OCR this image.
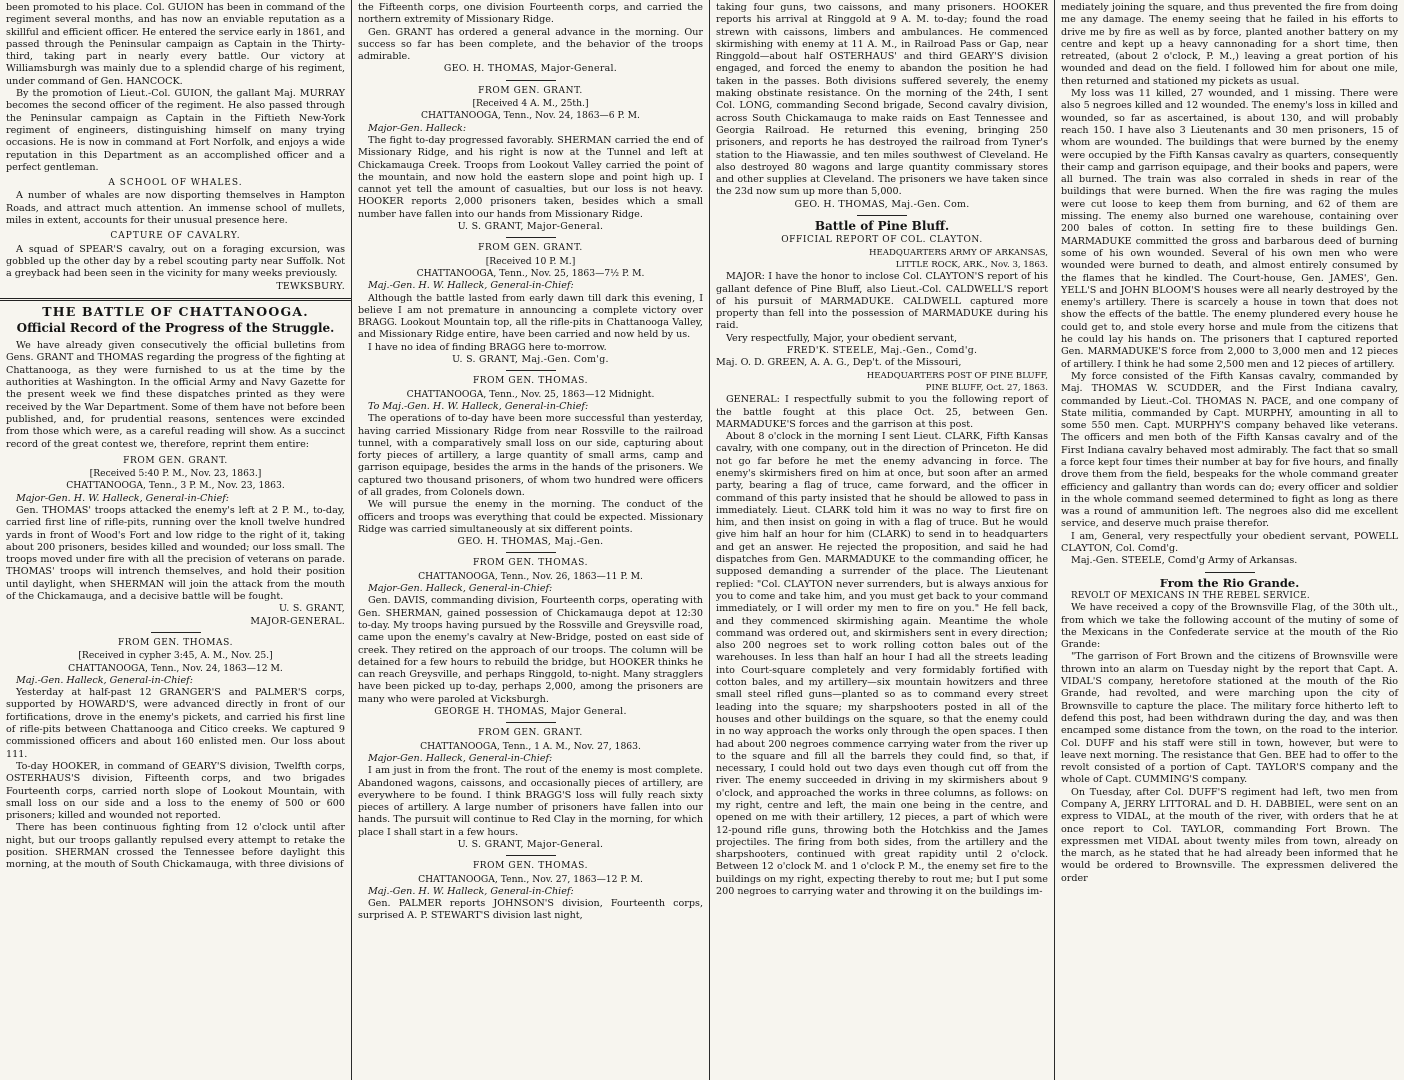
been promoted to his place. Col. GUION has been in command of the regiment several months, and has now an enviable reputation as a skillful and efficient officer. He entered the service early in 1861, and passed through the Peninsular campaign as Captain in the Thirty-third, taking part in nearly every battle. Our victory at Williamsburgh was mainly due to a splendid charge of his regiment, under command of Gen. HANCOCK.

By the promotion of Lieut.-Col. GUION, the gallant Maj. MURRAY becomes the second officer of the regiment. He also passed through the Peninsular campaign as Captain in the Fiftieth New-York regiment of engineers, distinguishing himself on many trying occasions. He is now in command at Fort Norfolk, and enjoys a wide reputation in this Department as an accomplished officer and a perfect gentleman.

A SCHOOL OF WHALES.

A number of whales are now disporting themselves in Hampton Roads, and attract much attention. An immense school of mullets, miles in extent, accounts for their unusual presence here.

CAPTURE OF CAVALRY.

A squad of SPEAR'S cavalry, out on a foraging excursion, was gobbled up the other day by a rebel scouting party near Suffolk. Not a greyback had been seen in the vicinity for many weeks previously.

TEWKSBURY.
THE BATTLE OF CHATTANOOGA.
Official Record of the Progress of the Struggle.

We have already given consecutively the official bulletins from Gens. GRANT and THOMAS regarding the progress of the fighting at Chattanooga, as they were furnished to us at the time by the authorities at Washington. In the official Army and Navy Gazette for the present week we find these dispatches printed as they were received by the War Department. Some of them have not before been published, and, for prudential reasons, sentences were excinded from those which were, as a careful reading will show. As a succinct record of the great contest we, therefore, reprint them entire:

FROM GEN. GRANT.
[Received 5:40 P. M., Nov. 23, 1863.]
CHATTANOOGA, Tenn., 3 P. M., Nov. 23, 1863.

Major-Gen. H. W. Halleck, General-in-Chief:

Gen. THOMAS' troops attacked the enemy's left at 2 P. M., to-day, carried first line of rifle-pits, running over the knoll twelve hundred yards in front of Wood's Fort and low ridge to the right of it, taking about 200 prisoners, besides killed and wounded; our loss small. The troops moved under fire with all the precision of veterans on parade. THOMAS' troops will intrench themselves, and hold their position until daylight, when SHERMAN will join the attack from the mouth of the Chickamauga, and a decisive battle will be fought.

U. S. GRANT,
MAJOR-GENERAL.
FROM GEN. THOMAS.
[Received in cypher 3:45, A. M., Nov. 25.]
CHATTANOOGA, Tenn., Nov. 24, 1863—12 M.

Maj.-Gen. Halleck, General-in-Chief:

Yesterday at half-past 12 GRANGER'S and PALMER'S corps, supported by HOWARD'S, were advanced directly in front of our fortifications, drove in the enemy's pickets, and carried his first line of rifle-pits between Chattanooga and Citico creeks. We captured 9 commissioned officers and about 160 enlisted men. Our loss about 111.

To-day HOOKER, in command of GEARY'S division, Twelfth corps, OSTERHAUS'S division, Fifteenth corps, and two brigades Fourteenth corps, carried north slope of Lookout Mountain, with small loss on our side and a loss to the enemy of 500 or 600 prisoners; killed and wounded not reported.

There has been continuous fighting from 12 o'clock until after night, but our troops gallantly repulsed every attempt to retake the position. SHERMAN crossed the Tennessee before daylight this morning, at the mouth of South Chickamauga, with three divisions of

the Fifteenth corps, one division Fourteenth corps, and carried the northern extremity of Missionary Ridge.

Gen. GRANT has ordered a general advance in the morning. Our success so far has been complete, and the behavior of the troops admirable.

GEO. H. THOMAS, Major-General.
FROM GEN. GRANT.
[Received 4 A. M., 25th.]
CHATTANOOGA, Tenn., Nov. 24, 1863—6 P. M.

Major-Gen. Halleck:

The fight to-day progressed favorably. SHERMAN carried the end of Missionary Ridge, and his right is now at the Tunnel and left at Chickamauga Creek. Troops from Lookout Valley carried the point of the mountain, and now hold the eastern slope and point high up. I cannot yet tell the amount of casualties, but our loss is not heavy. HOOKER reports 2,000 prisoners taken, besides which a small number have fallen into our hands from Missionary Ridge.

U. S. GRANT, Major-General.
FROM GEN. GRANT.
[Received 10 P. M.]
CHATTANOOGA, Tenn., Nov. 25, 1863—7½ P. M.

Maj.-Gen. H. W. Halleck, General-in-Chief:

Although the battle lasted from early dawn till dark this evening, I believe I am not premature in announcing a complete victory over BRAGG. Lookout Mountain top, all the rifle-pits in Chattanooga Valley, and Missionary Ridge entire, have been carried and now held by us.

I have no idea of finding BRAGG here to-morrow.

U. S. GRANT, Maj.-Gen. Com'g.
FROM GEN. THOMAS.
CHATTANOOGA, Tenn., Nov. 25, 1863—12 Midnight.

To Maj.-Gen. H. W. Halleck, General-in-Chief:

The operations of to-day have been more successful than yesterday, having carried Missionary Ridge from near Rossville to the railroad tunnel, with a comparatively small loss on our side, capturing about forty pieces of artillery, a large quantity of small arms, camp and garrison equipage, besides the arms in the hands of the prisoners. We captured two thousand prisoners, of whom two hundred were officers of all grades, from Colonels down.

We will pursue the enemy in the morning. The conduct of the officers and troops was everything that could be expected. Missionary Ridge was carried simultaneously at six different points.

GEO. H. THOMAS, Maj.-Gen.
FROM GEN. THOMAS.
CHATTANOOGA, Tenn., Nov. 26, 1863—11 P. M.

Major-Gen. Halleck, General-in-Chief:

Gen. DAVIS, commanding division, Fourteenth corps, operating with Gen. SHERMAN, gained possession of Chickamauga depot at 12:30 to-day. My troops having pursued by the Rossville and Greysville road, came upon the enemy's cavalry at New-Bridge, posted on east side of creek. They retired on the approach of our troops. The column will be detained for a few hours to rebuild the bridge, but HOOKER thinks he can reach Greysville, and perhaps Ringgold, to-night. Many stragglers have been picked up to-day, perhaps 2,000, among the prisoners are many who were paroled at Vicksburgh.

GEORGE H. THOMAS, Major General.
FROM GEN. GRANT.
CHATTANOOGA, Tenn., 1 A. M., Nov. 27, 1863.

Major-Gen. Halleck, General-in-Chief:

I am just in from the front. The rout of the enemy is most complete. Abandoned wagons, caissons, and occasionally pieces of artillery, are everywhere to be found. I think BRAGG'S loss will fully reach sixty pieces of artillery. A large number of prisoners have fallen into our hands. The pursuit will continue to Red Clay in the morning, for which place I shall start in a few hours.

U. S. GRANT, Major-General.
FROM GEN. THOMAS.
CHATTANOOGA, Tenn., Nov. 27, 1863—12 P. M.

Maj.-Gen. H. W. Halleck, General-in-Chief:

Gen. PALMER reports JOHNSON'S division, Fourteenth corps, surprised A. P. STEWART'S division last night,

taking four guns, two caissons, and many prisoners. HOOKER reports his arrival at Ringgold at 9 A. M. to-day; found the road strewn with caissons, limbers and ambulances. He commenced skirmishing with enemy at 11 A. M., in Railroad Pass or Gap, near Ringgold—about half OSTERHAUS' and third GEARY'S division engaged, and forced the enemy to abandon the position he had taken in the passes. Both divisions suffered severely, the enemy making obstinate resistance. On the morning of the 24th, I sent Col. LONG, commanding Second brigade, Second cavalry division, across South Chickamauga to make raids on East Tennessee and Georgia Railroad. He returned this evening, bringing 250 prisoners, and reports he has destroyed the railroad from Tyner's station to the Hiawassie, and ten miles southwest of Cleveland. He also destroyed 80 wagons and large quantity commissary stores and other supplies at Cleveland. The prisoners we have taken since the 23d now sum up more than 5,000.

GEO. H. THOMAS, Maj.-Gen. Com.
Battle of Pine Bluff.
OFFICIAL REPORT OF COL. CLAYTON.

HEADQUARTERS ARMY OF ARKANSAS,

LITTLE ROCK, ARK., Nov. 3, 1863.

MAJOR: I have the honor to inclose Col. CLAYTON'S report of his gallant defence of Pine Bluff, also Lieut.-Col. CALDWELL'S report of his pursuit of MARMADUKE. CALDWELL captured more property than fell into the possession of MARMADUKE during his raid.

Very respectfully, Major, your obedient servant,

FRED'K. STEELE, Maj.-Gen., Comd'g.

Maj. O. D. GREEN, A. A. G., Dep't. of the Missouri,

HEADQUARTERS POST OF PINE BLUFF,

PINE BLUFF, Oct. 27, 1863.

GENERAL: I respectfully submit to you the following report of the battle fought at this place Oct. 25, between Gen. MARMADUKE'S forces and the garrison at this post.

About 8 o'clock in the morning I sent Lieut. CLARK, Fifth Kansas cavalry, with one company, out in the direction of Princeton. He did not go far before he met the enemy advancing in force. The enemy's skirmishers fired on him at once, but soon after an armed party, bearing a flag of truce, came forward, and the officer in command of this party insisted that he should be allowed to pass in immediately. Lieut. CLARK told him it was no way to first fire on him, and then insist on going in with a flag of truce. But he would give him half an hour for him (CLARK) to send in to headquarters and get an answer. He rejected the proposition, and said he had dispatches from Gen. MARMADUKE to the commanding officer, he supposed demanding a surrender of the place. The Lieutenant replied: "Col. CLAYTON never surrenders, but is always anxious for you to come and take him, and you must get back to your command immediately, or I will order my men to fire on you." He fell back, and they commenced skirmishing again. Meantime the whole command was ordered out, and skirmishers sent in every direction; also 200 negroes set to work rolling cotton bales out of the warehouses. In less than half an hour I had all the streets leading into Court-square completely and very formidably fortified with cotton bales, and my artillery—six mountain howitzers and three small steel rifled guns—planted so as to command every street leading into the square; my sharpshooters posted in all of the houses and other buildings on the square, so that the enemy could in no way approach the works only through the open spaces. I then had about 200 negroes commence carrying water from the river up to the square and fill all the barrels they could find, so that, if necessary, I could hold out two days even though cut off from the river. The enemy succeeded in driving in my skirmishers about 9 o'clock, and approached the works in three columns, as follows: on my right, centre and left, the main one being in the centre, and opened on me with their artillery, 12 pieces, a part of which were 12-pound rifle guns, throwing both the Hotchkiss and the James projectiles. The firing from both sides, from the artillery and the sharpshooters, continued with great rapidity until 2 o'clock. Between 12 o'clock M. and 1 o'clock P. M., the enemy set fire to the buildings on my right, expecting thereby to rout me; but I put some 200 negroes to carrying water and throwing it on the buildings im-

mediately joining the square, and thus prevented the fire from doing me any damage. The enemy seeing that he failed in his efforts to drive me by fire as well as by force, planted another battery on my centre and kept up a heavy cannonading for a short time, then retreated, (about 2 o'clock, P. M.,) leaving a great portion of his wounded and dead on the field. I followed him for about one mile, then returned and stationed my pickets as usual.

My loss was 11 killed, 27 wounded, and 1 missing. There were also 5 negroes killed and 12 wounded. The enemy's loss in killed and wounded, so far as ascertained, is about 130, and will probably reach 150. I have also 3 Lieutenants and 30 men prisoners, 15 of whom are wounded. The buildings that were burned by the enemy were occupied by the Fifth Kansas cavalry as quarters, consequently their camp and garrison equipage, and their books and papers, were all burned. The train was also corraled in sheds in rear of the buildings that were burned. When the fire was raging the mules were cut loose to keep them from burning, and 62 of them are missing. The enemy also burned one warehouse, containing over 200 bales of cotton. In setting fire to these buildings Gen. MARMADUKE committed the gross and barbarous deed of burning some of his own wounded. Several of his own men who were wounded were burned to death, and almost entirely consumed by the flames that he kindled. The Court-house, Gen. JAMES', Gen. YELL'S and JOHN BLOOM'S houses were all nearly destroyed by the enemy's artillery. There is scarcely a house in town that does not show the effects of the battle. The enemy plundered every house he could get to, and stole every horse and mule from the citizens that he could lay his hands on. The prisoners that I captured reported Gen. MARMADUKE'S force from 2,000 to 3,000 men and 12 pieces of artillery. I think he had some 2,500 men and 12 pieces of artillery.

My force consisted of the Fifth Kansas cavalry, commanded by Maj. THOMAS W. SCUDDER, and the First Indiana cavalry, commanded by Lieut.-Col. THOMAS N. PACE, and one company of State militia, commanded by Capt. MURPHY, amounting in all to some 550 men. Capt. MURPHY'S company behaved like veterans. The officers and men both of the Fifth Kansas cavalry and of the First Indiana cavalry behaved most admirably. The fact that so small a force kept four times their number at bay for five hours, and finally drove them from the field, bespeaks for the whole command greater efficiency and gallantry than words can do; every officer and soldier in the whole command seemed determined to fight as long as there was a round of ammunition left. The negroes also did me excellent service, and deserve much praise therefor.

I am, General, very respectfully your obedient servant, POWELL CLAYTON, Col. Comd'g.

Maj.-Gen. STEELE, Comd'g Army of Arkansas.

From the Rio Grande.

REVOLT OF MEXICANS IN THE REBEL SERVICE.

We have received a copy of the Brownsville Flag, of the 30th ult., from which we take the following account of the mutiny of some of the Mexicans in the Confederate service at the mouth of the Rio Grande:

"The garrison of Fort Brown and the citizens of Brownsville were thrown into an alarm on Tuesday night by the report that Capt. A. VIDAL'S company, heretofore stationed at the mouth of the Rio Grande, had revolted, and were marching upon the city of Brownsville to capture the place. The military force hitherto left to defend this post, had been withdrawn during the day, and was then encamped some distance from the town, on the road to the interior. Col. DUFF and his staff were still in town, however, but were to leave next morning. The resistance that Gen. BEE had to offer to the revolt consisted of a portion of Capt. TAYLOR'S company and the whole of Capt. CUMMING'S company.

On Tuesday, after Col. DUFF'S regiment had left, two men from Company A, JERRY LITTORAL and D. H. DABBIEL, were sent on an express to VIDAL, at the mouth of the river, with orders that he at once report to Col. TAYLOR, commanding Fort Brown. The expressmen met VIDAL about twenty miles from town, already on the march, as he stated that he had already been informed that he would be ordered to Brownsville. The expressmen delivered the order
